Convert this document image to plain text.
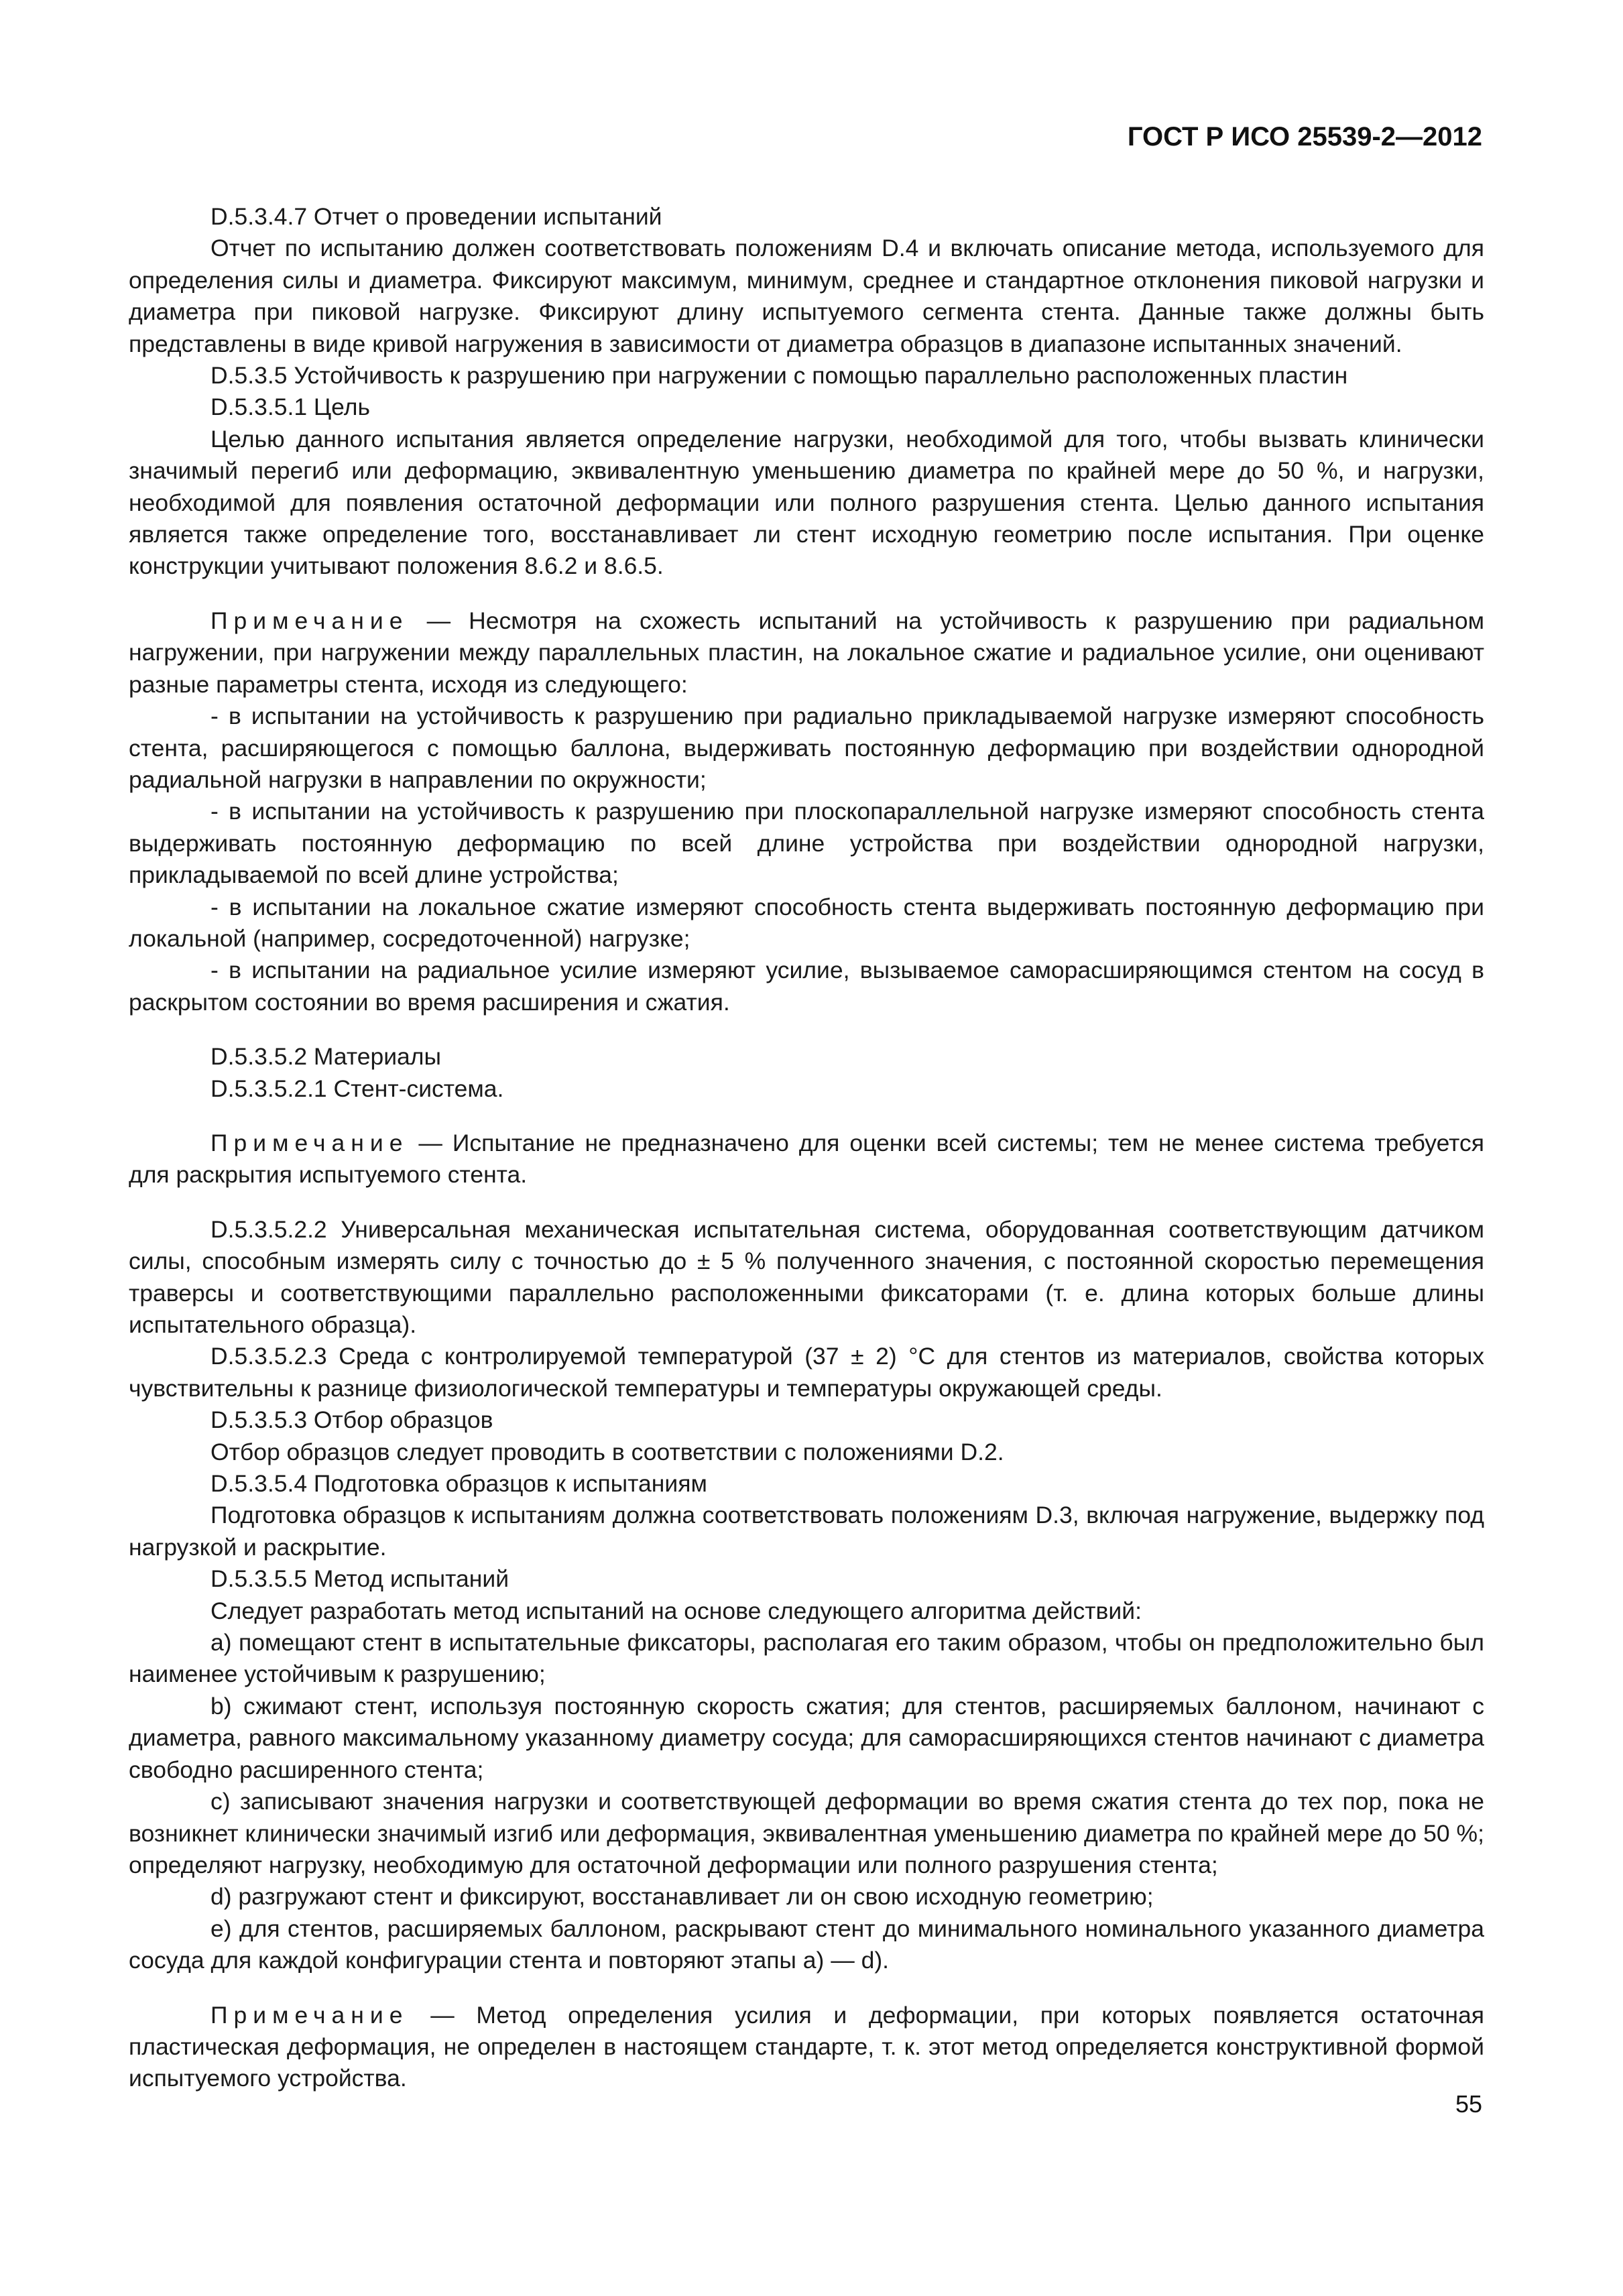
ГОСТ Р ИСО 25539-2—2012

D.5.3.4.7 Отчет о проведении испытаний

Отчет по испытанию должен соответствовать положениям D.4 и включать описание метода, используемого для определения силы и диаметра. Фиксируют максимум, минимум, среднее и стандартное отклонения пиковой нагрузки и диаметра при пиковой нагрузке. Фиксируют длину испытуемого сегмента стента. Данные также должны быть представлены в виде кривой нагружения в зависимости от диаметра образцов в диапазоне испытанных значений.

D.5.3.5 Устойчивость к разрушению при нагружении с помощью параллельно расположенных пластин

D.5.3.5.1 Цель

Целью данного испытания является определение нагрузки, необходимой для того, чтобы вызвать клинически значимый перегиб или деформацию, эквивалентную уменьшению диаметра по крайней мере до 50 %, и нагрузки, необходимой для появления остаточной деформации или полного разрушения стента. Целью данного испытания является также определение того, восстанавливает ли стент исходную геометрию после испытания. При оценке конструкции учитывают положения 8.6.2 и 8.6.5.

Примечание — Несмотря на схожесть испытаний на устойчивость к разрушению при радиальном нагружении, при нагружении между параллельных пластин, на локальное сжатие и радиальное усилие, они оценивают разные параметры стента, исходя из следующего:

- в испытании на устойчивость к разрушению при радиально прикладываемой нагрузке измеряют способность стента, расширяющегося с помощью баллона, выдерживать постоянную деформацию при воздействии однородной радиальной нагрузки в направлении по окружности;

- в испытании на устойчивость к разрушению при плоскопараллельной нагрузке измеряют способность стента выдерживать постоянную деформацию по всей длине устройства при воздействии однородной нагрузки, прикладываемой по всей длине устройства;

- в испытании на локальное сжатие измеряют способность стента выдерживать постоянную деформацию при локальной (например, сосредоточенной) нагрузке;

- в испытании на радиальное усилие измеряют усилие, вызываемое саморасширяющимся стентом на сосуд в раскрытом состоянии во время расширения и сжатия.

D.5.3.5.2 Материалы

D.5.3.5.2.1 Стент-система.

Примечание — Испытание не предназначено для оценки всей системы; тем не менее система требуется для раскрытия испытуемого стента.

D.5.3.5.2.2 Универсальная механическая испытательная система, оборудованная соответствующим датчиком силы, способным измерять силу с точностью до ± 5 % полученного значения, с постоянной скоростью перемещения траверсы и соответствующими параллельно расположенными фиксаторами (т. е. длина которых больше длины испытательного образца).

D.5.3.5.2.3 Среда с контролируемой температурой (37 ± 2) °С для стентов из материалов, свойства которых чувствительны к разнице физиологической температуры и температуры окружающей среды.

D.5.3.5.3 Отбор образцов

Отбор образцов следует проводить в соответствии с положениями D.2.

D.5.3.5.4 Подготовка образцов к испытаниям

Подготовка образцов к испытаниям должна соответствовать положениям D.3, включая нагружение, выдержку под нагрузкой и раскрытие.

D.5.3.5.5 Метод испытаний

Следует разработать метод испытаний на основе следующего алгоритма действий:

a) помещают стент в испытательные фиксаторы, располагая его таким образом, чтобы он предположительно был наименее устойчивым к разрушению;

b) сжимают стент, используя постоянную скорость сжатия; для стентов, расширяемых баллоном, начинают с диаметра, равного максимальному указанному диаметру сосуда; для саморасширяющихся стентов начинают с диаметра свободно расширенного стента;

c) записывают значения нагрузки и соответствующей деформации во время сжатия стента до тех пор, пока не возникнет клинически значимый изгиб или деформация, эквивалентная уменьшению диаметра по крайней мере до 50 %; определяют нагрузку, необходимую для остаточной деформации или полного разрушения стента;

d) разгружают стент и фиксируют, восстанавливает ли он свою исходную геометрию;

e) для стентов, расширяемых баллоном, раскрывают стент до минимального номинального указанного диаметра сосуда для каждой конфигурации стента и повторяют этапы a) — d).

Примечание — Метод определения усилия и деформации, при которых появляется остаточная пластическая деформация, не определен в настоящем стандарте, т. к. этот метод определяется конструктивной формой испытуемого устройства.

55
